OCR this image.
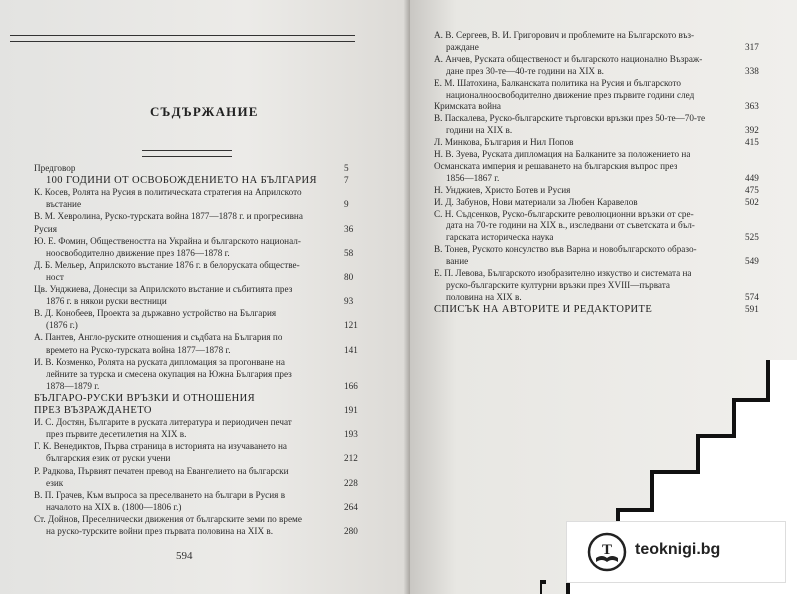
СЪДЪРЖАНИЕ
Предговор	5
100 ГОДИНИ ОТ ОСВОБОЖДЕНИЕТО НА БЪЛГАРИЯ	7
К. Косев, Ролята на Русия в политическата стратегия на Априлското
въстание	9
В. М. Хевролина, Руско-турската война 1877—1878 г. и прогресивна
Русия	36
Ю. Е. Фомин, Обществеността на Украйна и българското национал-
ноосвободително движение през 1876—1878 г.	58
Д. Б. Мельер, Априлското въстание 1876 г. в белоруската обществе-
ност	80
Цв. Унджиева, Донесци за Априлското въстание и събитията през
1876 г. в някои руски вестници	93
В. Д. Конобеев, Проекта за държавно устройство на България
(1876 г.)	121
А. Пантев, Англо-руските отношения и съдбата на България по
времето на Руско-турската война 1877—1878 г.	141
И. В. Козменко, Ролята на руската дипломация за прогонване на
лейните за турска и смесена окупация на Южна България през
1878—1879 г.	166
БЪЛГАРО-РУСКИ ВРЪЗКИ И ОТНОШЕНИЯ
ПРЕЗ ВЪЗРАЖДАНЕТО	191
И. С. Достян, Българите в руската литература и периодичен печат
през първите десетилетия на XIX в.	193
Г. К. Венедиктов, Първа страница в историята на изучаването на
българския език от руски учени	212
Р. Радкова, Първият печатен превод на Евангелието на български
език	228
В. П. Грачев, Към въпроса за преселването на българи в Русия в
началото на XIX в. (1800—1806 г.)	264
Ст. Дойнов, Преселнически движения от българските земи по време
на руско-турските войни през първата половина на XIX в.	280
594
А. В. Сергеев, В. И. Григорович и проблемите на Българското въз-
раждане	317
А. Анчев, Руската общественост и българското национално Възраж-
дане през 30-те—40-те години на XIX в.	338
Е. М. Шатохина, Балканската политика на Русия и българското
националноосвободително движение през първите години след
Кримската война	363
В. Паскалева, Руско-българските търговски връзки през 50-те—70-те
години на XIX в.	392
Л. Минкова, България и Нил Попов	415
Н. В. Зуева, Руската дипломация на Балканите за положението на
Османската империя и решаването на българския въпрос през
1856—1867 г.	449
Н. Унджиев, Христо Ботев и Русия	475
И. Д. Забунов, Нови материали за Любен Каравелов	502
С. Н. Съдсенков, Руско-българските революционни връзки от сре-
дата на 70-те години на XIX в., изследвани от съветската и бъл-
гарската историческа наука	525
В. Тонев, Руското консулство във Варна и новобългарското образо-
вание	549
Е. П. Левова, Българското изобразително изкуство и системата на
руско-българските културни връзки през XVIII—първата
половина на XIX в.	574
СПИСЪК НА АВТОРИТЕ И РЕДАКТОРИТЕ	591
T teoknigi.bg
